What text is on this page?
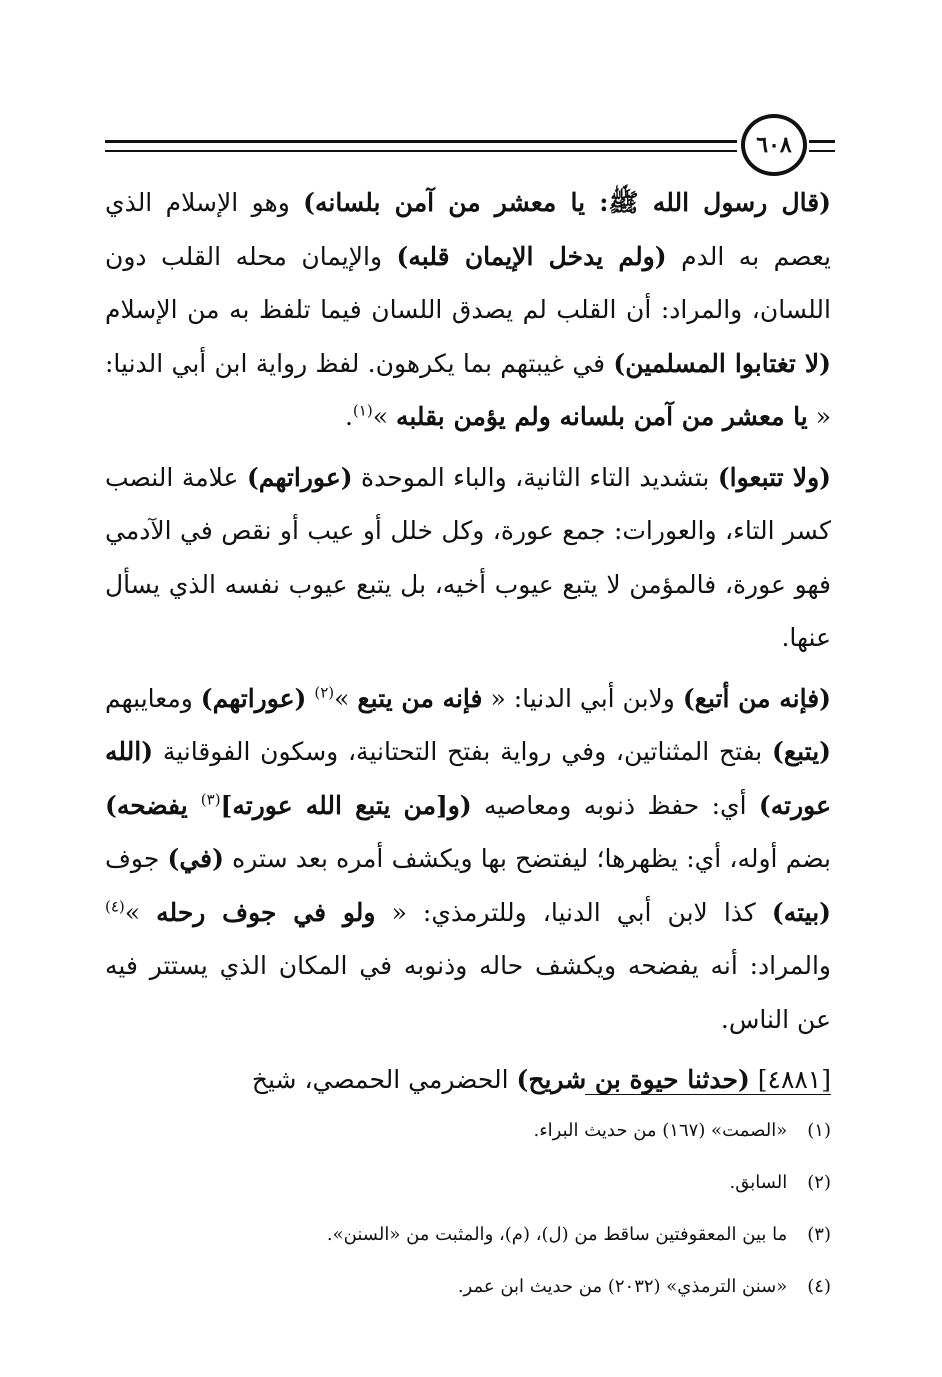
٦٠٨

(قال رسول الله ﷺ: يا معشر من آمن بلسانه) وهو الإسلام الذي يعصم به الدم (ولم يدخل الإيمان قلبه) والإيمان محله القلب دون اللسان، والمراد: أن القلب لم يصدق اللسان فيما تلفظ به من الإسلام (لا تغتابوا المسلمين) في غيبتهم بما يكرهون. لفظ رواية ابن أبي الدنيا: « يا معشر من آمن بلسانه ولم يؤمن بقلبه »$^{(١)}$.

(ولا تتبعوا) بتشديد التاء الثانية، والباء الموحدة (عوراتهم) علامة النصب كسر التاء، والعورات: جمع عورة، وكل خلل أو عيب أو نقص في الآدمي فهو عورة، فالمؤمن لا يتبع عيوب أخيه، بل يتبع عيوب نفسه الذي يسأل عنها.

(فإنه من أتبع) ولابن أبي الدنيا: « فإنه من يتبع »$^{(٢)}$ (عوراتهم) ومعايبهم (يتبع) بفتح المثناتين، وفي رواية بفتح التحتانية، وسكون الفوقانية (الله عورته) أي: حفظ ذنوبه ومعاصيه (و[من يتبع الله عورته]$^{(٣)}$ يفضحه) بضم أوله، أي: يظهرها؛ ليفتضح بها ويكشف أمره بعد ستره (في) جوف (بيته) كذا لابن أبي الدنيا، وللترمذي: « ولو في جوف رحله »$^{(٤)}$ والمراد: أنه يفضحه ويكشف حاله وذنوبه في المكان الذي يستتر فيه عن الناس.

[٤٨٨١] (حدثنا حيوة بن شريح) الحضرمي الحمصي، شيخ

(١) «الصمت» (١٦٧) من حديث البراء.
(٢) السابق.
(٣) ما بين المعقوفتين ساقط من (ل)، (م)، والمثبت من «السنن».
(٤) «سنن الترمذي» (٢٠٣٢) من حديث ابن عمر.
